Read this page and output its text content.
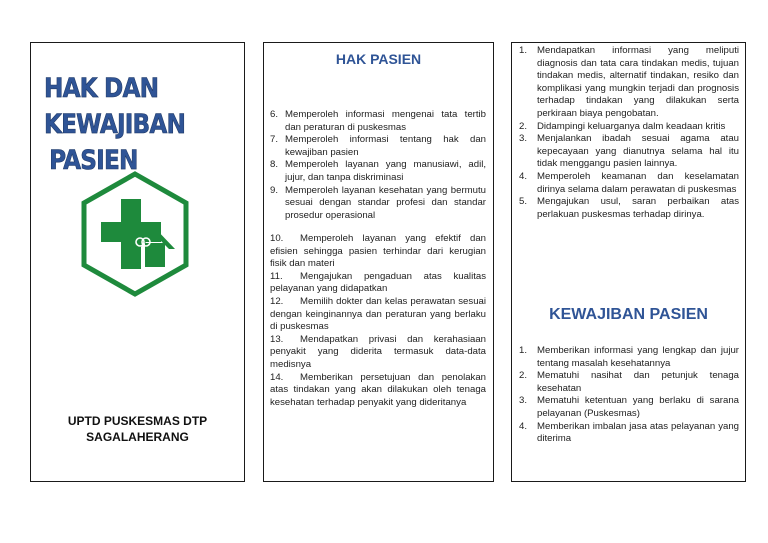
HAK DAN KEWAJIBAN
PASIEN
UPTD PUSKESMAS DTP
SAGALAHERANG
HAK PASIEN
6. Memperoleh informasi mengenai tata tertib dan peraturan di puskesmas
7. Memperoleh informasi tentang hak dan kewajiban pasien
8. Memperoleh layanan yang manusiawi, adil, jujur, dan tanpa diskriminasi
9. Memperoleh layanan kesehatan yang bermutu sesuai dengan standar profesi dan standar prosedur operasional
10.	Memperoleh layanan yang efektif dan efisien sehingga pasien terhindar dari kerugian fisik dan materi
11.	Mengajukan pengaduan atas kualitas pelayanan yang didapatkan
12.	Memilih dokter dan kelas perawatan sesuai dengan keinginannya dan peraturan yang berlaku di puskesmas
13.	Mendapatkan privasi dan kerahasiaan penyakit yang diderita termasuk data-data medisnya
14.	Memberikan persetujuan dan penolakan atas tindakan yang akan dilakukan oleh tenaga kesehatan terhadap penyakit yang dideritanya
1. Mendapatkan informasi yang meliputi diagnosis dan tata cara tindakan medis, tujuan tindakan medis, alternatif tindakan, resiko dan komplikasi yang mungkin terjadi dan prognosis terhadap tindakan yang dilakukan serta perkiraan biaya pengobatan.
2. Didampingi keluarganya dalm keadaan kritis
3. Menjalankan ibadah sesuai agama atau kepecayaan yang dianutnya selama hal itu tidak menggangu pasien lainnya.
4. Memperoleh keamanan dan keselamatan dirinya selama dalam perawatan di puskesmas
5. Mengajukan usul, saran perbaikan atas perlakuan puskesmas terhadap dirinya.
KEWAJIBAN PASIEN
1. Memberikan informasi yang lengkap dan jujur tentang masalah kesehatannya
2. Mematuhi nasihat dan petunjuk tenaga kesehatan
3. Mematuhi ketentuan yang berlaku di sarana pelayanan (Puskesmas)
4. Memberikan imbalan jasa atas pelayanan yang diterima
